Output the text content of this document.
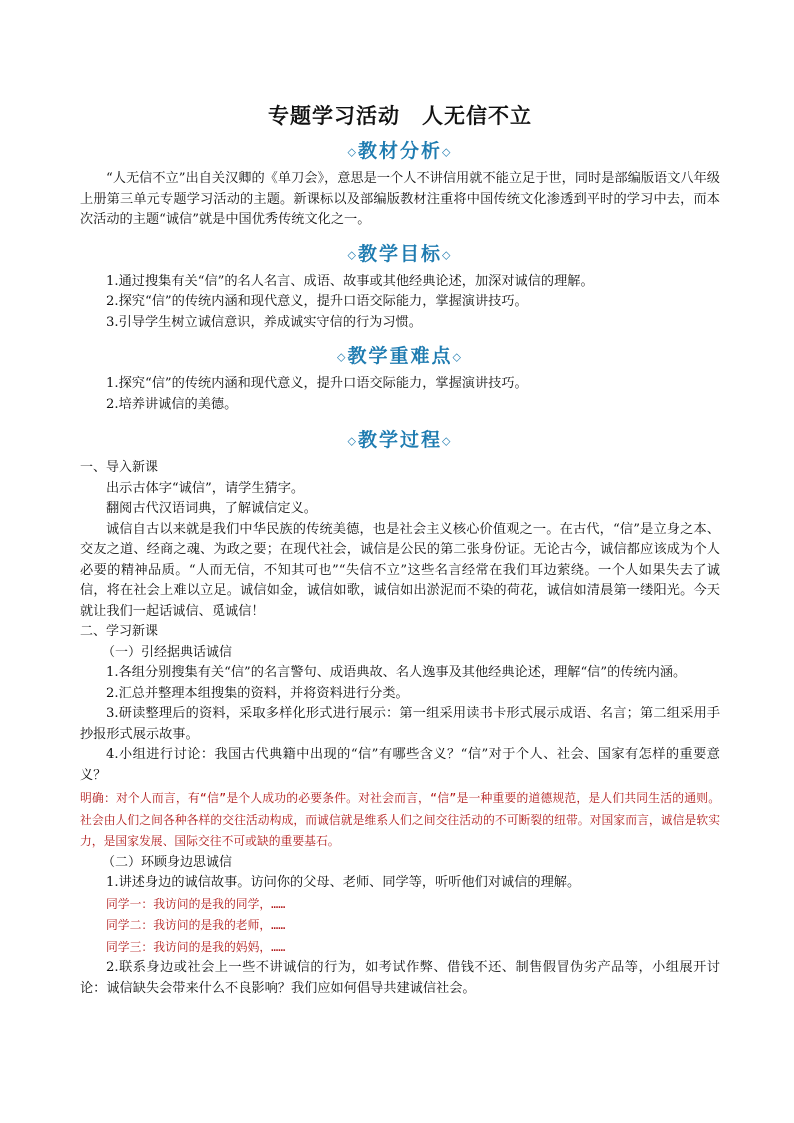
专题学习活动　人无信不立
◇教材分析◇

“人无信不立”出自关汉卿的《单刀会》，意思是一个人不讲信用就不能立足于世，同时是部编版语文八年级上册第三单元专题学习活动的主题。新课标以及部编版教材注重将中国传统文化渗透到平时的学习中去，而本次活动的主题“诚信”就是中国优秀传统文化之一。

◇教学目标◇

1.通过搜集有关“信”的名人名言、成语、故事或其他经典论述，加深对诚信的理解。

2.探究“信”的传统内涵和现代意义，提升口语交际能力，掌握演讲技巧。

3.引导学生树立诚信意识，养成诚实守信的行为习惯。

◇教学重难点◇

1.探究“信”的传统内涵和现代意义，提升口语交际能力，掌握演讲技巧。

2.培养讲诚信的美德。

◇教学过程◇

一、导入新课

出示古体字“诚信”，请学生猜字。

翻阅古代汉语词典，了解诚信定义。

诚信自古以来就是我们中华民族的传统美德，也是社会主义核心价值观之一。在古代，“信”是立身之本、交友之道、经商之魂、为政之要；在现代社会，诚信是公民的第二张身份证。无论古今，诚信都应该成为个人必要的精神品质。“人而无信，不知其可也”“失信不立”这些名言经常在我们耳边萦绕。一个人如果失去了诚信，将在社会上难以立足。诚信如金，诚信如歌，诚信如出淤泥而不染的荷花，诚信如清晨第一缕阳光。今天就让我们一起话诚信、觅诚信！

二、学习新课

（一）引经据典话诚信

1.各组分别搜集有关“信”的名言警句、成语典故、名人逸事及其他经典论述，理解“信”的传统内涵。

2.汇总并整理本组搜集的资料，并将资料进行分类。

3.研读整理后的资料，采取多样化形式进行展示：第一组采用读书卡形式展示成语、名言；第二组采用手抄报形式展示故事。

4.小组进行讨论：我国古代典籍中出现的“信”有哪些含义？“信”对于个人、社会、国家有怎样的重要意义？

明确：对个人而言，有“信”是个人成功的必要条件。对社会而言，“信”是一种重要的道德规范，是人们共同生活的通则。社会由人们之间各种各样的交往活动构成，而诚信就是维系人们之间交往活动的不可断裂的纽带。对国家而言，诚信是软实力，是国家发展、国际交往不可或缺的重要基石。

（二）环顾身边思诚信

1.讲述身边的诚信故事。访问你的父母、老师、同学等，听听他们对诚信的理解。

同学一：我访问的是我的同学，……

同学二：我访问的是我的老师，……

同学三：我访问的是我的妈妈，……

2.联系身边或社会上一些不讲诚信的行为，如考试作弊、借钱不还、制售假冒伪劣产品等，小组展开讨论：诚信缺失会带来什么不良影响？我们应如何倡导共建诚信社会。
